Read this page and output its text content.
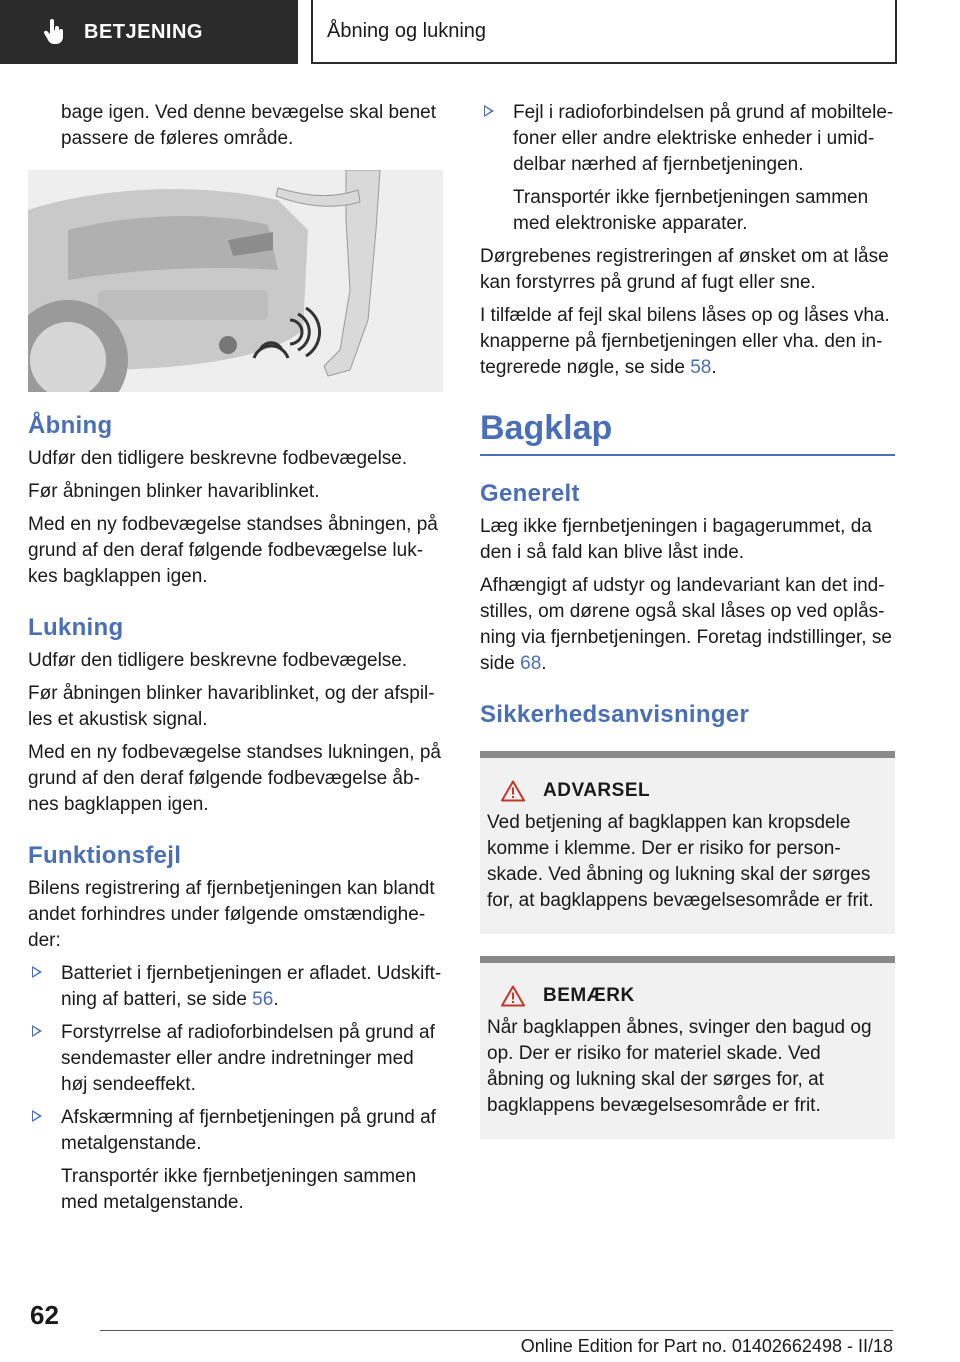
BETJENING	Åbning og lukning

bage igen. Ved denne bevægelse skal benet passere de føleres område.

Åbning

Udfør den tidligere beskrevne fodbevægelse.

Før åbningen blinker havariblinket.

Med en ny fodbevægelse standses åbningen, på grund af den deraf følgende fodbevægelse lukkes bagklappen igen.

Lukning

Udfør den tidligere beskrevne fodbevægelse.

Før åbningen blinker havariblinket, og der afspilles et akustisk signal.

Med en ny fodbevægelse standses lukningen, på grund af den deraf følgende fodbevægelse åbnes bagklappen igen.

Funktionsfejl

Bilens registrering af fjernbetjeningen kan blandt andet forhindres under følgende omstændigheder:

Batteriet i fjernbetjeningen er afladet. Udskiftning af batteri, se side 56.

Forstyrrelse af radioforbindelsen på grund af sendemaster eller andre indretninger med høj sendeeffekt.

Afskærmning af fjernbetjeningen på grund af metalgenstande.

Transportér ikke fjernbetjeningen sammen med metalgenstande.

Fejl i radioforbindelsen på grund af mobiltelefoner eller andre elektriske enheder i umiddelbar nærhed af fjernbetjeningen.

Transportér ikke fjernbetjeningen sammen med elektroniske apparater.

Dørgrebenes registreringen af ønsket om at låse kan forstyrres på grund af fugt eller sne.

I tilfælde af fejl skal bilens låses op og låses vha. knapperne på fjernbetjeningen eller vha. den integrerede nøgle, se side 58.

Bagklap
Generelt

Læg ikke fjernbetjeningen i bagagerummet, da den i så fald kan blive låst inde.

Afhængigt af udstyr og landevariant kan det indstilles, om dørene også skal låses op ved oplåsning via fjernbetjeningen. Foretag indstillinger, se side 68.

Sikkerhedsanvisninger
ADVARSEL

Ved betjening af bagklappen kan kropsdele komme i klemme. Der er risiko for personskade. Ved åbning og lukning skal der sørges for, at bagklappens bevægelsesområde er frit.

BEMÆRK

Når bagklappen åbnes, svinger den bagud og op. Der er risiko for materiel skade. Ved åbning og lukning skal der sørges for, at bagklappens bevægelsesområde er frit.

62
Online Edition for Part no. 01402662498 - II/18
